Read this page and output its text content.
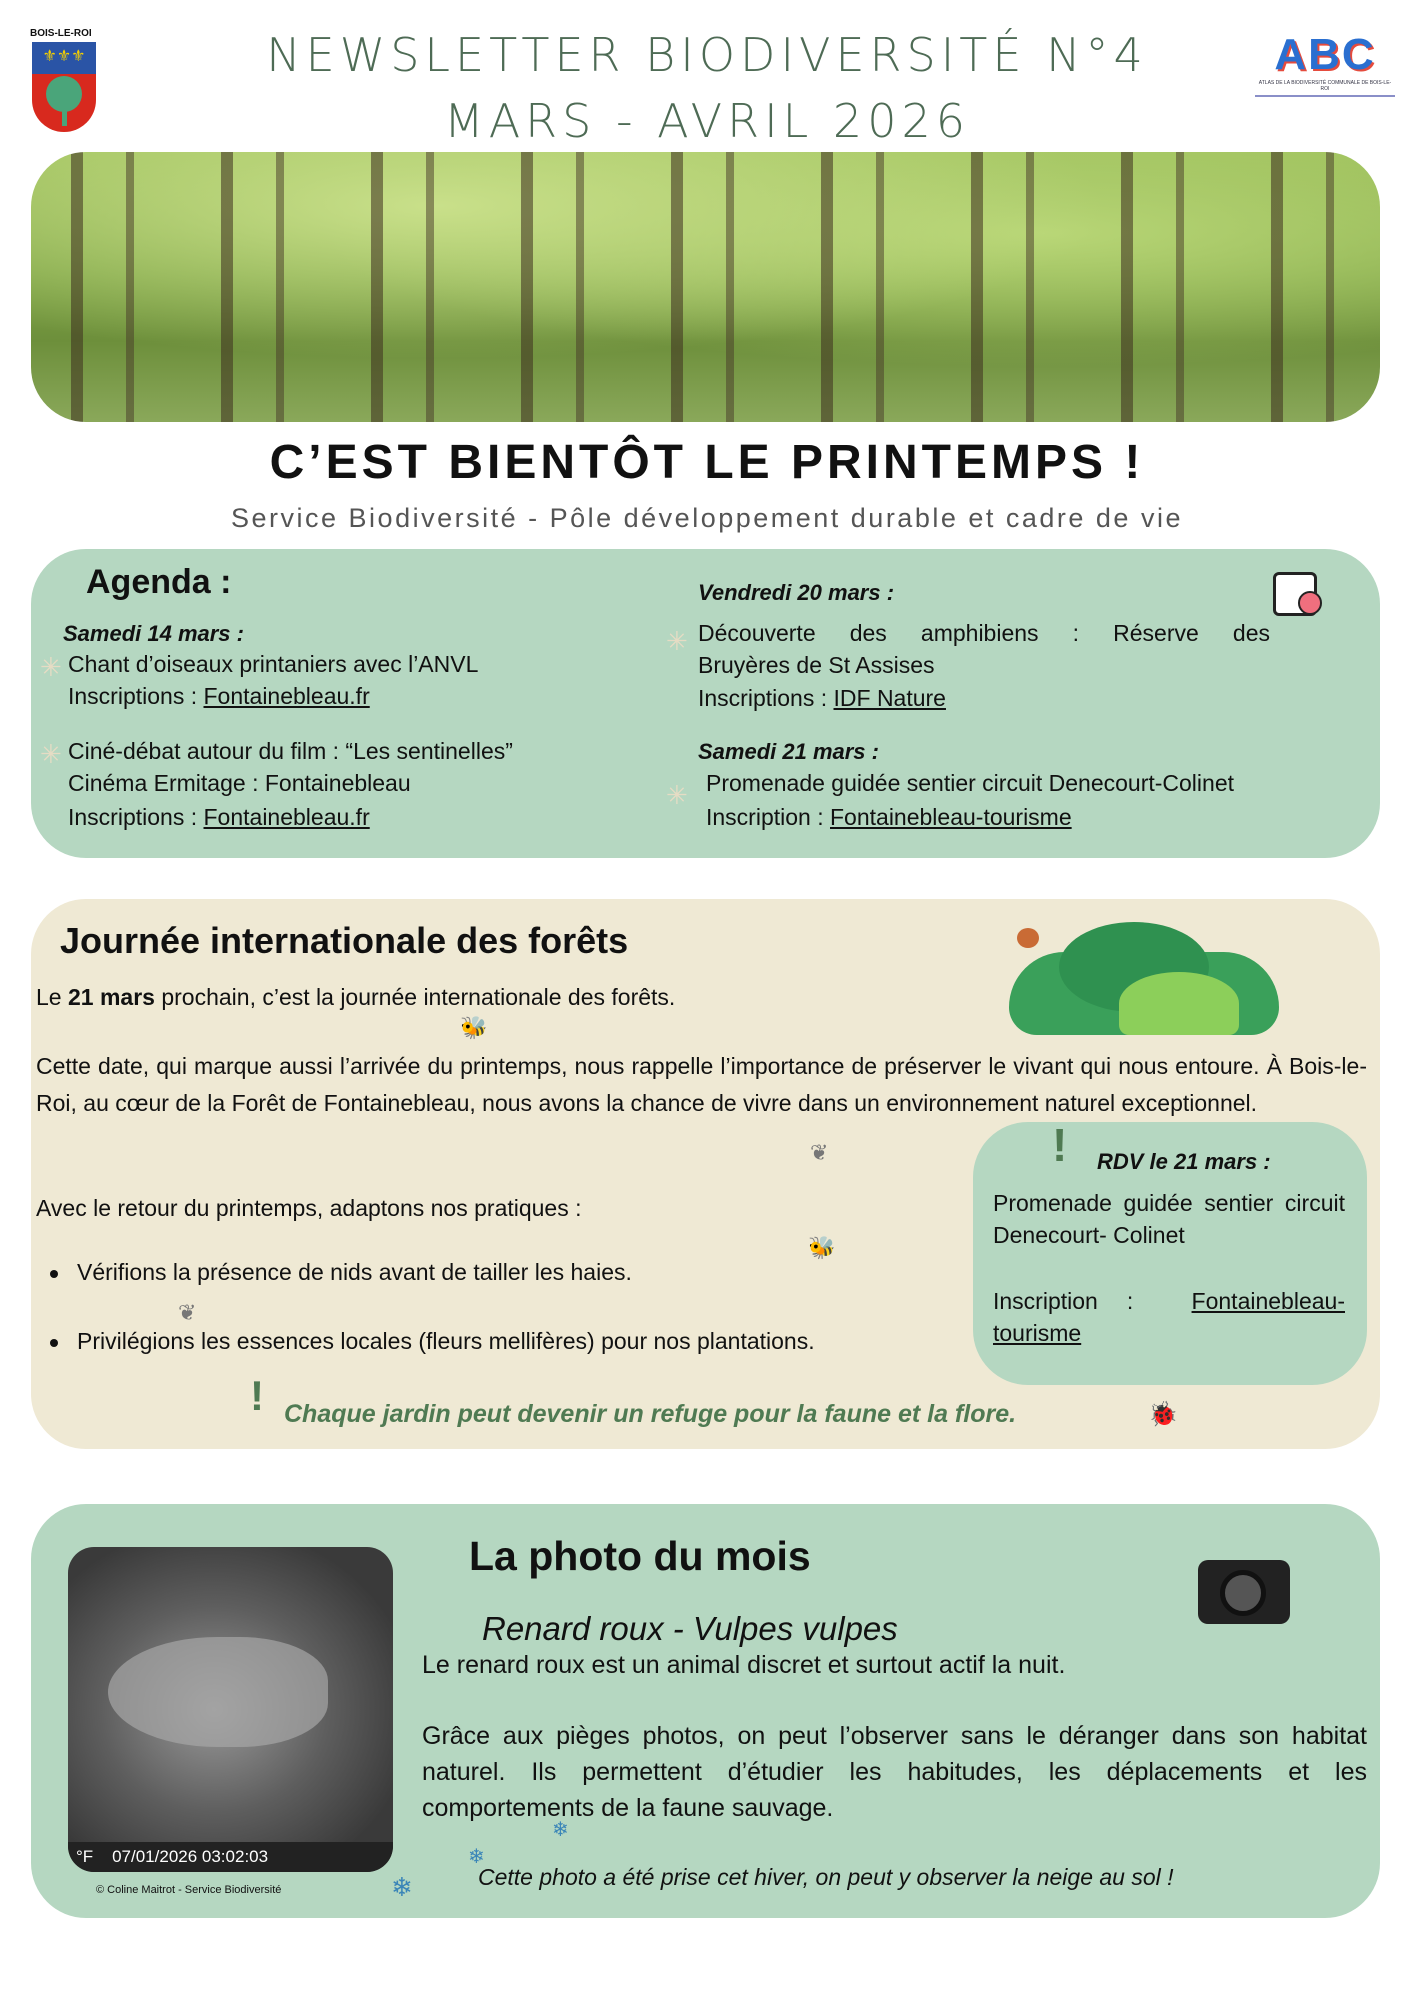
BOIS-LE-ROI
⚜⚜⚜	ABC
ATLAS DE LA BIODIVERSITÉ COMMUNALE DE BOIS-LE-ROI
NEWSLETTER BIODIVERSITÉ N°4
MARS - AVRIL 2026
C’EST BIENTÔT LE PRINTEMPS !
Service Biodiversité - Pôle développement durable et cadre de vie
Agenda :
Samedi 14 mars :
✳ Chant d’oiseaux printaniers avec l’ANVL
Inscriptions : Fontainebleau.fr
✳ Ciné-débat autour du film : “Les sentinelles”
Cinéma Ermitage : Fontainebleau
Inscriptions : Fontainebleau.fr
Vendredi 20 mars :
✳ Découverte des amphibiens : Réserve des
Bruyères de St Assises
Inscriptions : IDF Nature
Samedi 21 mars :
✳ Promenade guidée sentier circuit Denecourt-Colinet
Inscription : Fontainebleau-tourisme
Journée internationale des forêts
Le 21 mars prochain, c’est la journée internationale des forêts.
Cette date, qui marque aussi l’arrivée du printemps, nous rappelle l’importance de préserver le vivant qui nous entoure. À Bois-le-Roi, au cœur de la Forêt de Fontainebleau, nous avons la chance de vivre dans un environnement naturel exceptionnel.
Avec le retour du printemps, adaptons nos pratiques :
Vérifions la présence de nids avant de tailler les haies.
Privilégions les essences locales (fleurs mellifères) pour nos plantations.
🐝
❦
🐝
❦
! Chaque jardin peut devenir un refuge pour la faune et la flore.	🐞
! RDV le 21 mars :
Promenade guidée sentier circuit Denecourt- Colinet
Inscription :  Fontainebleau-tourisme
°F 07/01/2026 03:02:03
© Coline Maitrot - Service Biodiversité	❄
La photo du mois
Renard roux - Vulpes vulpes
Le renard roux est un animal discret et surtout actif la nuit.
Grâce aux pièges photos, on peut l’observer sans le déranger dans son habitat naturel. Ils permettent d’étudier les habitudes, les déplacements et les comportements de la faune sauvage.
❄
❄
Cette photo a été prise cet hiver, on peut y observer la neige au sol !
